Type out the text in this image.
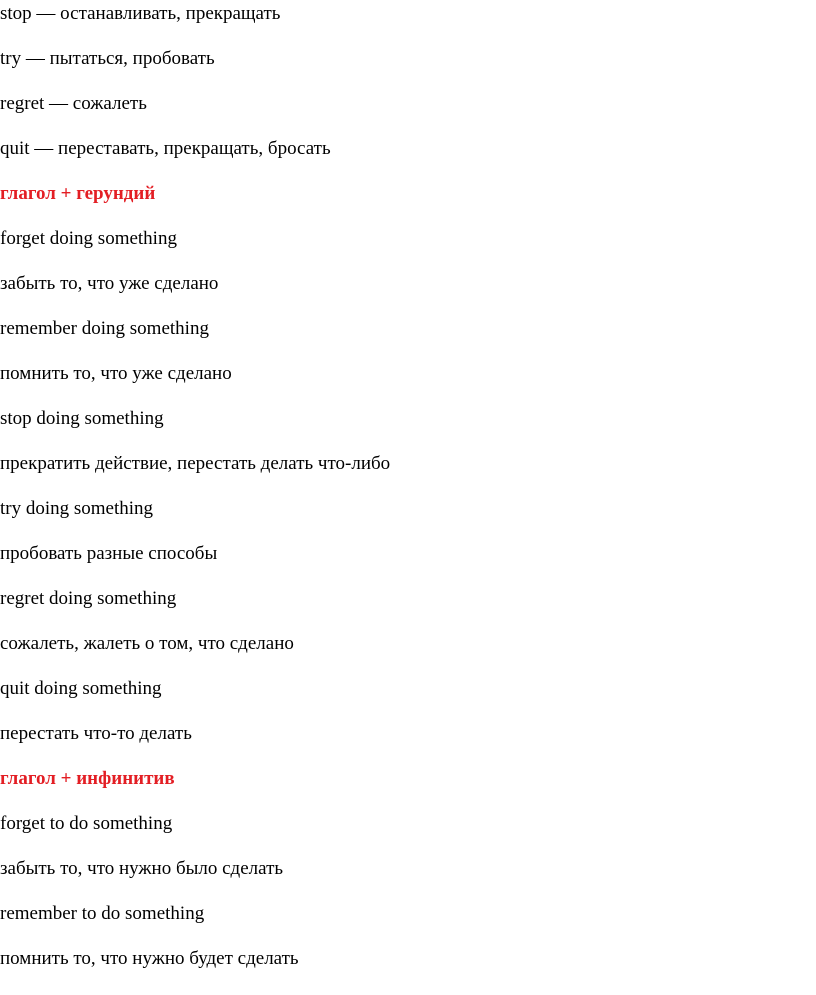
stop — останавливать, прекращать
try — пытаться, пробовать
regret — сожалеть
quit — переставать, прекращать, бросать
глагол + герундий
forget doing something
забыть то, что уже сделано
remember doing something
помнить то, что уже сделано
stop doing something
прекратить действие, перестать делать что-либо
try doing something
пробовать разные способы
regret doing something
сожалеть, жалеть о том, что сделано
quit doing something
перестать что-то делать
глагол + инфинитив
forget to do something
забыть то, что нужно было сделать
remember to do something
помнить то, что нужно будет сделать
